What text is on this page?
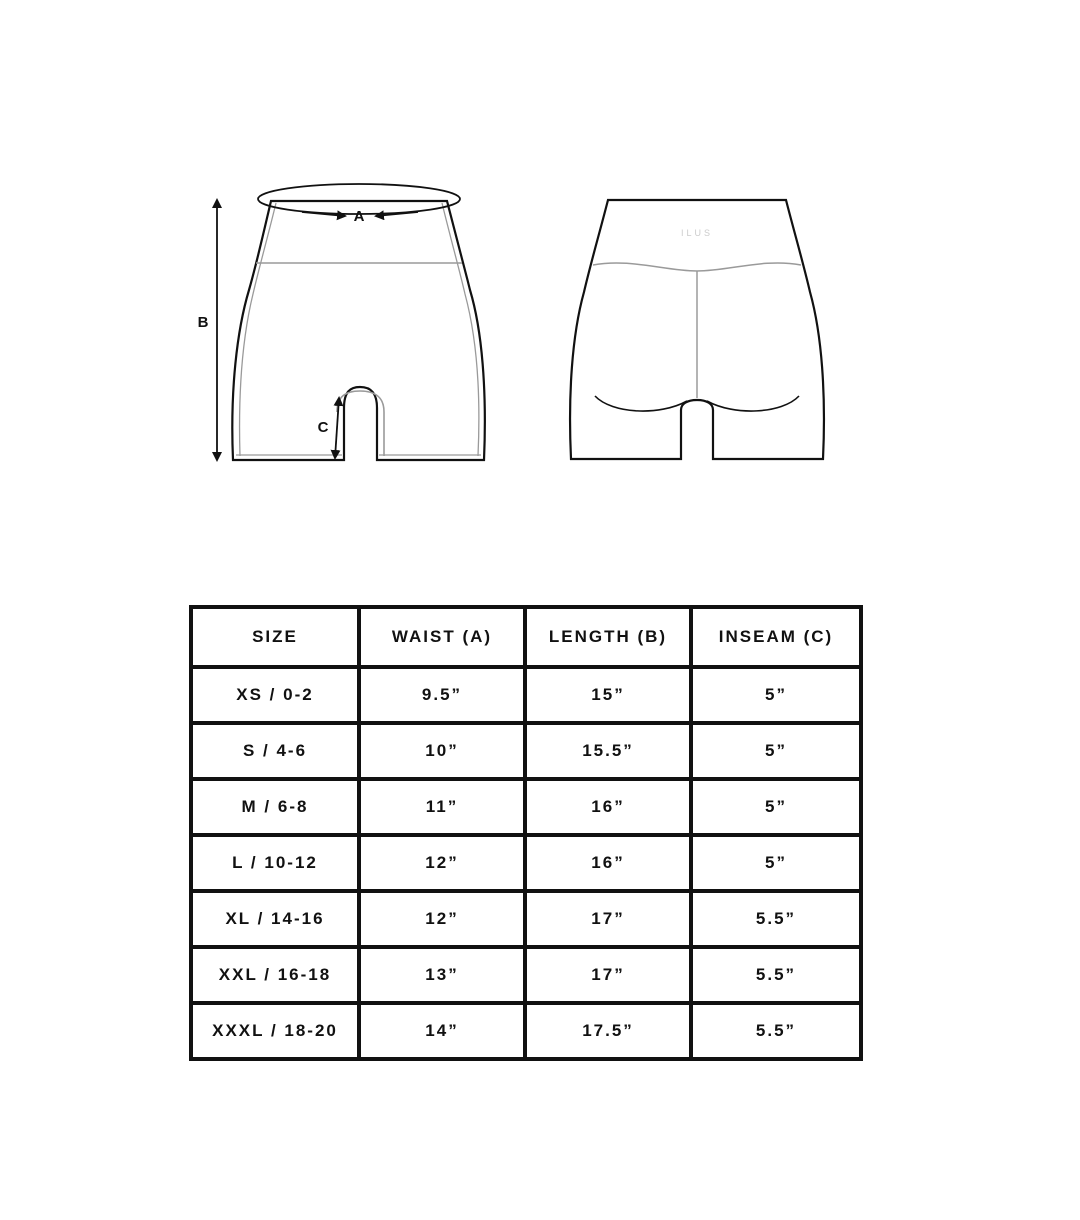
A
B
C
ILUS
SIZE	WAIST (A)	LENGTH (B)	INSEAM (C)
XS / 0-2	9.5”	15”	5”
S / 4-6	10”	15.5”	5”
M / 6-8	11”	16”	5”
L / 10-12	12”	16”	5”
XL / 14-16	12”	17”	5.5”
XXL / 16-18	13”	17”	5.5”
XXXL / 18-20	14”	17.5”	5.5”
